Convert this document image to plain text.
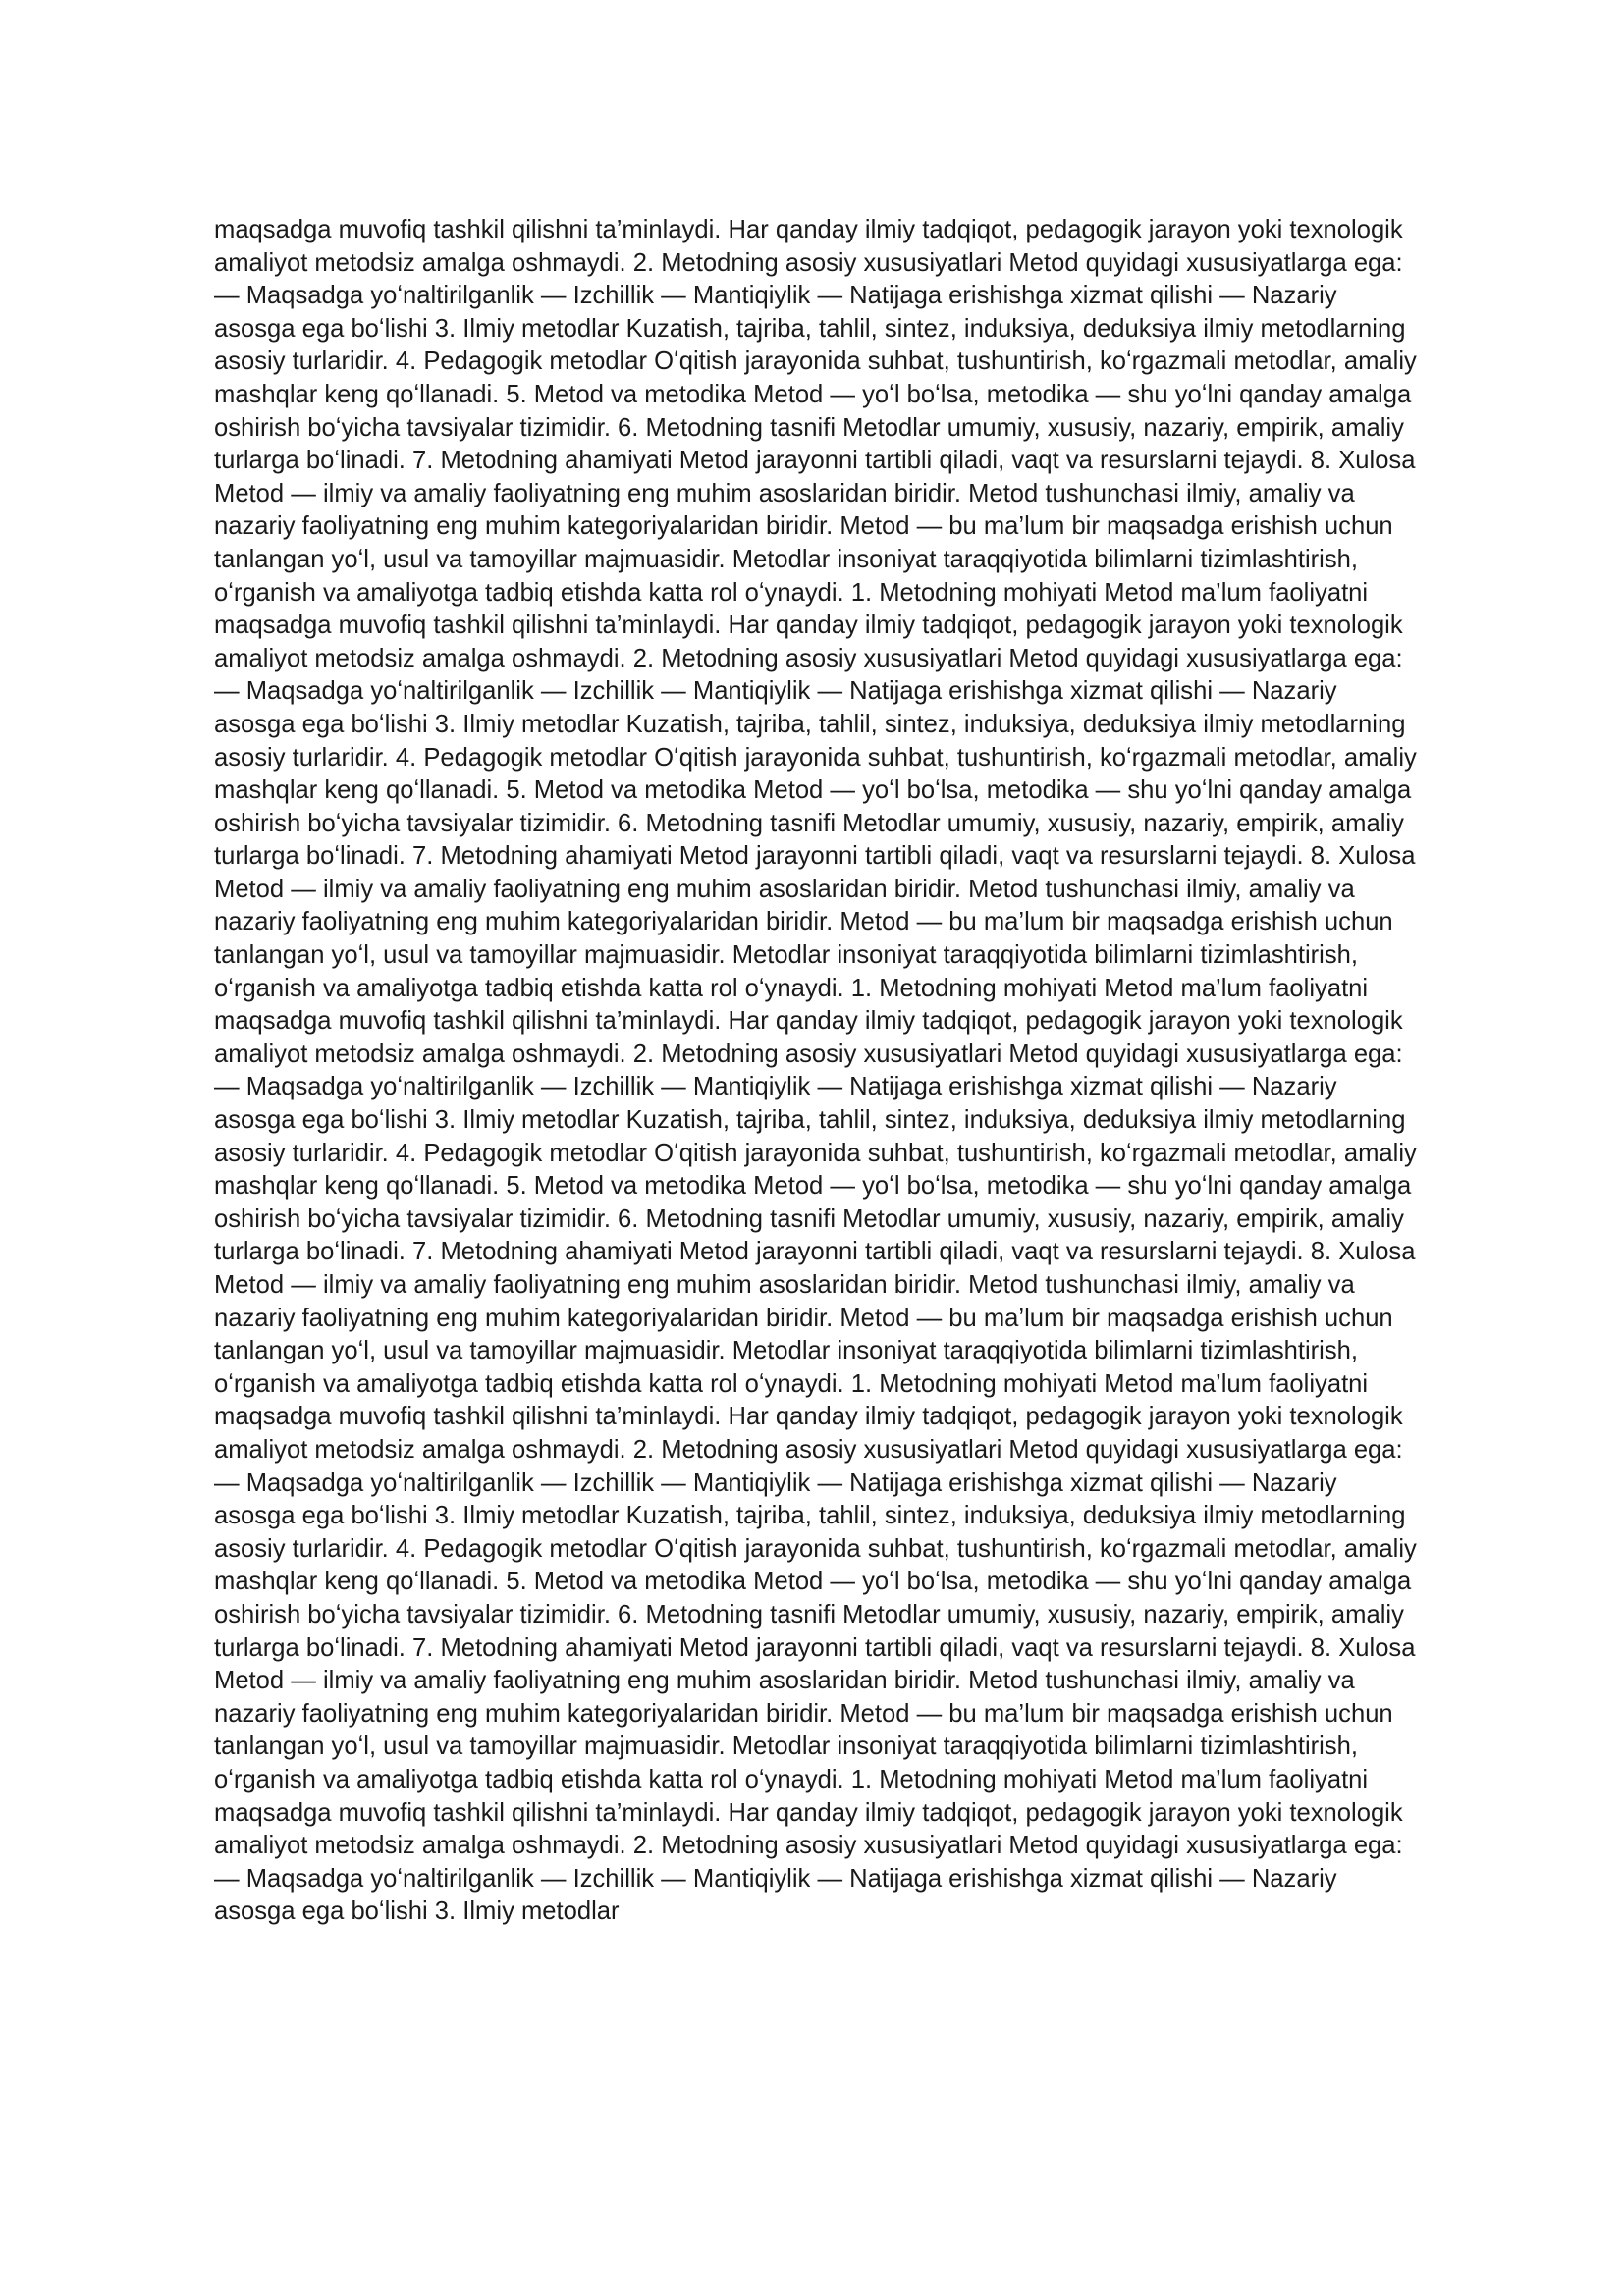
maqsadga muvofiq tashkil qilishni ta’minlaydi. Har qanday ilmiy tadqiqot, pedagogik jarayon yoki texnologik amaliyot metodsiz amalga oshmaydi. 2. Metodning asosiy xususiyatlari Metod quyidagi xususiyatlarga ega: — Maqsadga yoʻnaltirilganlik — Izchillik — Mantiqiylik — Natijaga erishishga xizmat qilishi — Nazariy asosga ega boʻlishi 3. Ilmiy metodlar Kuzatish, tajriba, tahlil, sintez, induksiya, deduksiya ilmiy metodlarning asosiy turlaridir. 4. Pedagogik metodlar Oʻqitish jarayonida suhbat, tushuntirish, koʻrgazmali metodlar, amaliy mashqlar keng qoʻllanadi. 5. Metod va metodika Metod — yoʻl boʻlsa, metodika — shu yoʻlni qanday amalga oshirish boʻyicha tavsiyalar tizimidir. 6. Metodning tasnifi Metodlar umumiy, xususiy, nazariy, empirik, amaliy turlarga boʻlinadi. 7. Metodning ahamiyati Metod jarayonni tartibli qiladi, vaqt va resurslarni tejaydi. 8. Xulosa Metod — ilmiy va amaliy faoliyatning eng muhim asoslaridan biridir. Metod tushunchasi ilmiy, amaliy va nazariy faoliyatning eng muhim kategoriyalaridan biridir. Metod — bu ma’lum bir maqsadga erishish uchun tanlangan yoʻl, usul va tamoyillar majmuasidir. Metodlar insoniyat taraqqiyotida bilimlarni tizimlashtirish, oʻrganish va amaliyotga tadbiq etishda katta rol oʻynaydi. 1. Metodning mohiyati Metod ma’lum faoliyatni maqsadga muvofiq tashkil qilishni ta’minlaydi. Har qanday ilmiy tadqiqot, pedagogik jarayon yoki texnologik amaliyot metodsiz amalga oshmaydi. 2. Metodning asosiy xususiyatlari Metod quyidagi xususiyatlarga ega: — Maqsadga yoʻnaltirilganlik — Izchillik — Mantiqiylik — Natijaga erishishga xizmat qilishi — Nazariy asosga ega boʻlishi 3. Ilmiy metodlar Kuzatish, tajriba, tahlil, sintez, induksiya, deduksiya ilmiy metodlarning asosiy turlaridir. 4. Pedagogik metodlar Oʻqitish jarayonida suhbat, tushuntirish, koʻrgazmali metodlar, amaliy mashqlar keng qoʻllanadi. 5. Metod va metodika Metod — yoʻl boʻlsa, metodika — shu yoʻlni qanday amalga oshirish boʻyicha tavsiyalar tizimidir. 6. Metodning tasnifi Metodlar umumiy, xususiy, nazariy, empirik, amaliy turlarga boʻlinadi. 7. Metodning ahamiyati Metod jarayonni tartibli qiladi, vaqt va resurslarni tejaydi. 8. Xulosa Metod — ilmiy va amaliy faoliyatning eng muhim asoslaridan biridir. Metod tushunchasi ilmiy, amaliy va nazariy faoliyatning eng muhim kategoriyalaridan biridir. Metod — bu ma’lum bir maqsadga erishish uchun tanlangan yoʻl, usul va tamoyillar majmuasidir. Metodlar insoniyat taraqqiyotida bilimlarni tizimlashtirish, oʻrganish va amaliyotga tadbiq etishda katta rol oʻynaydi. 1. Metodning mohiyati Metod ma’lum faoliyatni maqsadga muvofiq tashkil qilishni ta’minlaydi. Har qanday ilmiy tadqiqot, pedagogik jarayon yoki texnologik amaliyot metodsiz amalga oshmaydi. 2. Metodning asosiy xususiyatlari Metod quyidagi xususiyatlarga ega: — Maqsadga yoʻnaltirilganlik — Izchillik — Mantiqiylik — Natijaga erishishga xizmat qilishi — Nazariy asosga ega boʻlishi 3. Ilmiy metodlar Kuzatish, tajriba, tahlil, sintez, induksiya, deduksiya ilmiy metodlarning asosiy turlaridir. 4. Pedagogik metodlar Oʻqitish jarayonida suhbat, tushuntirish, koʻrgazmali metodlar, amaliy mashqlar keng qoʻllanadi. 5. Metod va metodika Metod — yoʻl boʻlsa, metodika — shu yoʻlni qanday amalga oshirish boʻyicha tavsiyalar tizimidir. 6. Metodning tasnifi Metodlar umumiy, xususiy, nazariy, empirik, amaliy turlarga boʻlinadi. 7. Metodning ahamiyati Metod jarayonni tartibli qiladi, vaqt va resurslarni tejaydi. 8. Xulosa Metod — ilmiy va amaliy faoliyatning eng muhim asoslaridan biridir. Metod tushunchasi ilmiy, amaliy va nazariy faoliyatning eng muhim kategoriyalaridan biridir. Metod — bu ma’lum bir maqsadga erishish uchun tanlangan yoʻl, usul va tamoyillar majmuasidir. Metodlar insoniyat taraqqiyotida bilimlarni tizimlashtirish, oʻrganish va amaliyotga tadbiq etishda katta rol oʻynaydi. 1. Metodning mohiyati Metod ma’lum faoliyatni maqsadga muvofiq tashkil qilishni ta’minlaydi. Har qanday ilmiy tadqiqot, pedagogik jarayon yoki texnologik amaliyot metodsiz amalga oshmaydi. 2. Metodning asosiy xususiyatlari Metod quyidagi xususiyatlarga ega: — Maqsadga yoʻnaltirilganlik — Izchillik — Mantiqiylik — Natijaga erishishga xizmat qilishi — Nazariy asosga ega boʻlishi 3. Ilmiy metodlar Kuzatish, tajriba, tahlil, sintez, induksiya, deduksiya ilmiy metodlarning asosiy turlaridir. 4. Pedagogik metodlar Oʻqitish jarayonida suhbat, tushuntirish, koʻrgazmali metodlar, amaliy mashqlar keng qoʻllanadi. 5. Metod va metodika Metod — yoʻl boʻlsa, metodika — shu yoʻlni qanday amalga oshirish boʻyicha tavsiyalar tizimidir. 6. Metodning tasnifi Metodlar umumiy, xususiy, nazariy, empirik, amaliy turlarga boʻlinadi. 7. Metodning ahamiyati Metod jarayonni tartibli qiladi, vaqt va resurslarni tejaydi. 8. Xulosa Metod — ilmiy va amaliy faoliyatning eng muhim asoslaridan biridir. Metod tushunchasi ilmiy, amaliy va nazariy faoliyatning eng muhim kategoriyalaridan biridir. Metod — bu ma’lum bir maqsadga erishish uchun tanlangan yoʻl, usul va tamoyillar majmuasidir. Metodlar insoniyat taraqqiyotida bilimlarni tizimlashtirish, oʻrganish va amaliyotga tadbiq etishda katta rol oʻynaydi. 1. Metodning mohiyati Metod ma’lum faoliyatni maqsadga muvofiq tashkil qilishni ta’minlaydi. Har qanday ilmiy tadqiqot, pedagogik jarayon yoki texnologik amaliyot metodsiz amalga oshmaydi. 2. Metodning asosiy xususiyatlari Metod quyidagi xususiyatlarga ega: — Maqsadga yoʻnaltirilganlik — Izchillik — Mantiqiylik — Natijaga erishishga xizmat qilishi — Nazariy asosga ega boʻlishi 3. Ilmiy metodlar
